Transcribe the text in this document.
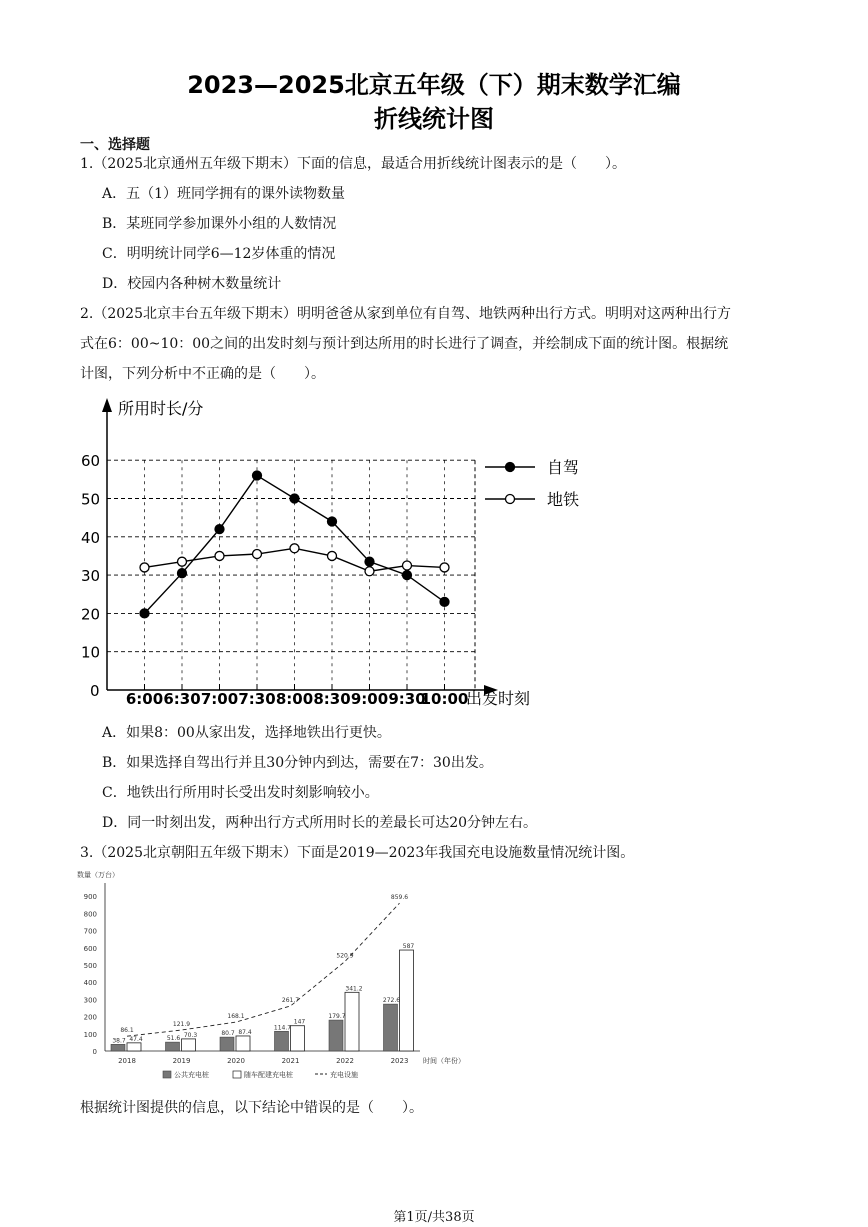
2023—2025北京五年级（下）期末数学汇编
折线统计图
一、选择题
1.（2025北京通州五年级下期末）下面的信息，最适合用折线统计图表示的是（　　）。
A．五（1）班同学拥有的课外读物数量
B．某班同学参加课外小组的人数情况
C．明明统计同学6—12岁体重的情况
D．校园内各种树木数量统计
2.（2025北京丰台五年级下期末）明明爸爸从家到单位有自驾、地铁两种出行方式。明明对这两种出行方
式在6：00~10：00之间的出发时刻与预计到达所用的时长进行了调查，并绘制成下面的统计图。根据统
计图，下列分析中不正确的是（　　）。
所用时长/分
出发时刻
0
10
20
30
40
50
60
6:00 6:30 7:00 7:30 8:00 8:30 9:00 9:30
10:00
自驾
地铁
A．如果8：00从家出发，选择地铁出行更快。
B．如果选择自驾出行并且30分钟内到达，需要在7：30出发。
C．地铁出行所用时长受出发时刻影响较小。
D．同一时刻出发，两种出行方式所用时长的差最长可达20分钟左右。
3.（2025北京朝阳五年级下期末）下面是2019—2023年我国充电设施数量情况统计图。
数量（万台）
时间（年份）
0
100
200
300
400
500
600
700
800
900
2018	2019	2020	2021	2022	2023
38.7 47.4
86.1
51.6 70.3
121.9
80.7 87.4
168.1
114.7
147
261.7
179.7
341.2
520.9
272.6
587
859.6
公共充电桩	随车配建充电桩	充电设施
根据统计图提供的信息，以下结论中错误的是（　　）。
第1页/共38页
